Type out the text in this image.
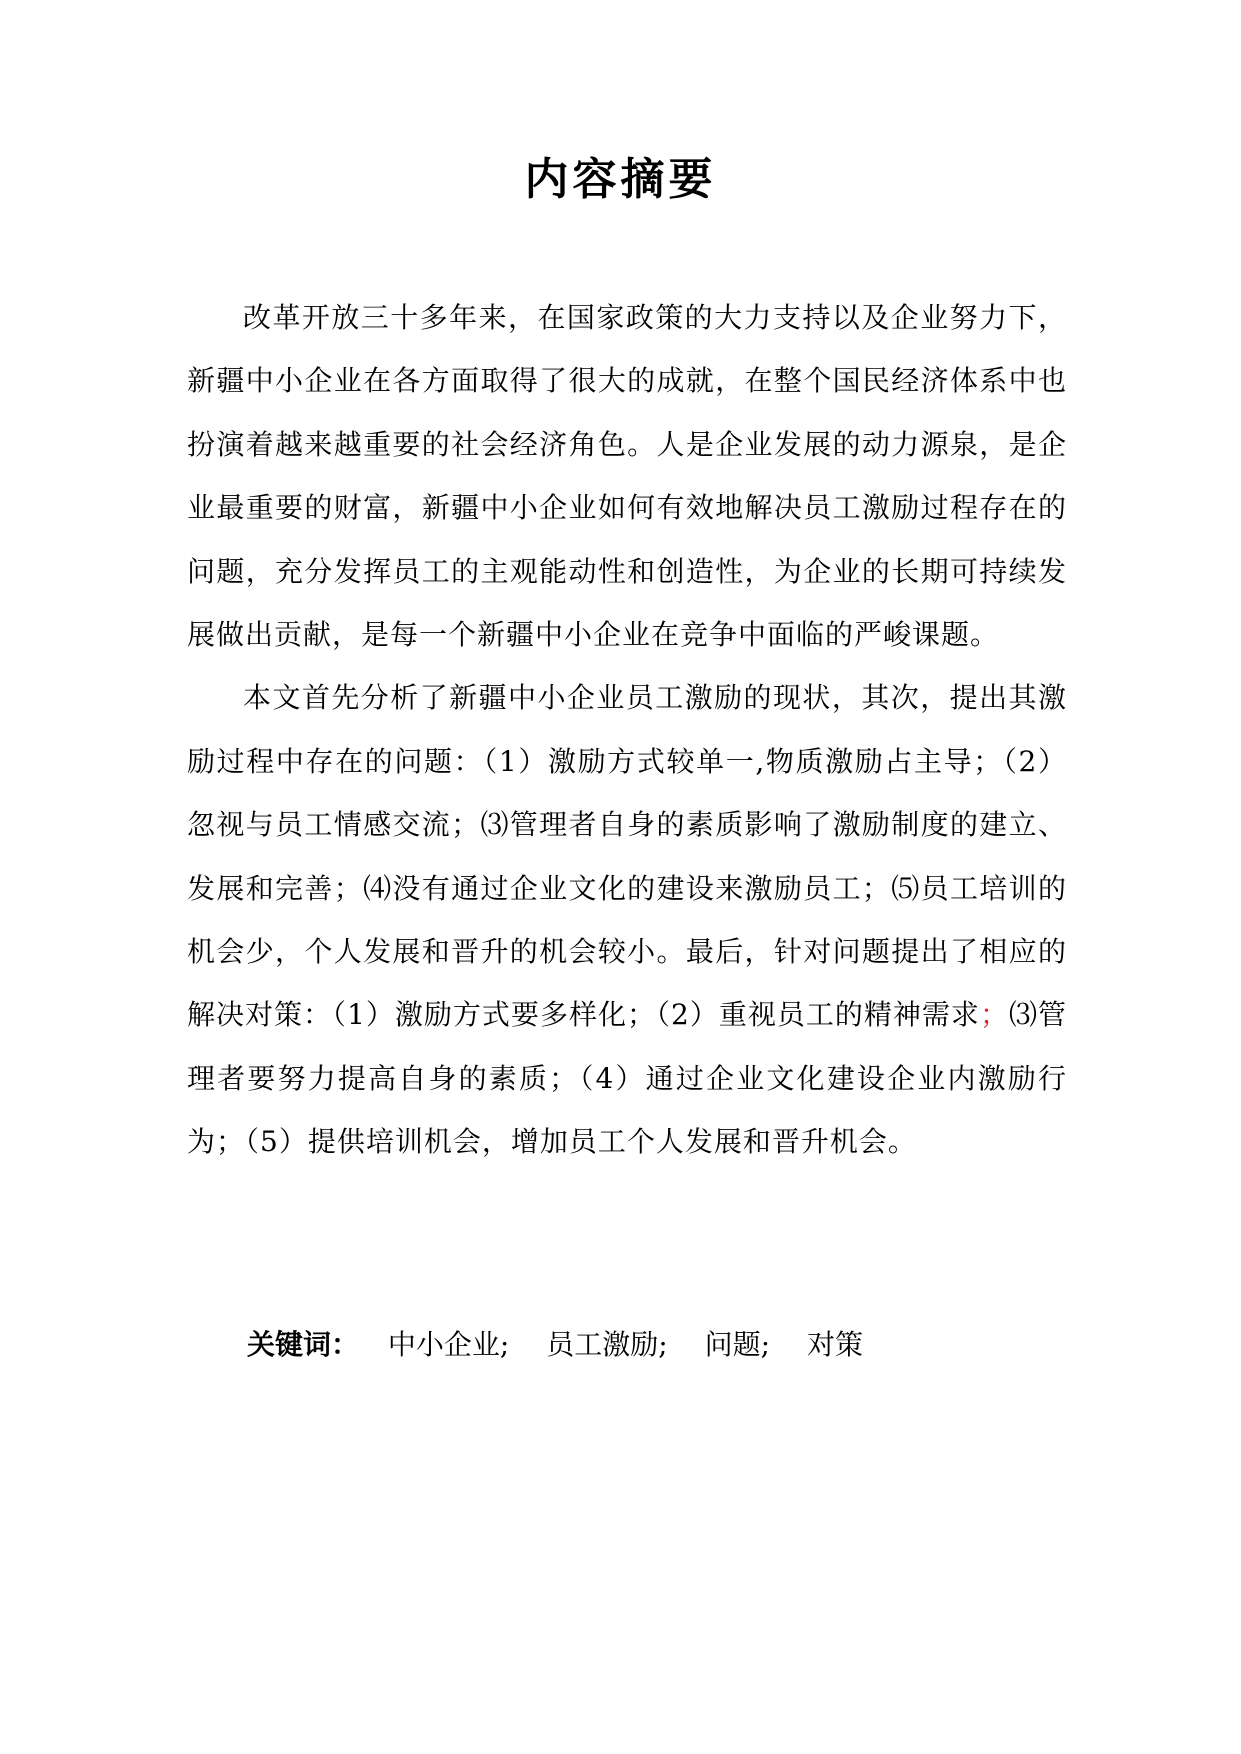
内容摘要

改革开放三十多年来，在国家政策的大力支持以及企业努力下，新疆中小企业在各方面取得了很大的成就，在整个国民经济体系中也扮演着越来越重要的社会经济角色。人是企业发展的动力源泉，是企业最重要的财富，新疆中小企业如何有效地解决员工激励过程存在的问题，充分发挥员工的主观能动性和创造性，为企业的长期可持续发展做出贡献，是每一个新疆中小企业在竞争中面临的严峻课题。

本文首先分析了新疆中小企业员工激励的现状，其次，提出其激励过程中存在的问题：（1）激励方式较单一,物质激励占主导；（2）忽视与员工情感交流；⑶管理者自身的素质影响了激励制度的建立、发展和完善；⑷没有通过企业文化的建设来激励员工；⑸员工培训的机会少，个人发展和晋升的机会较小。最后，针对问题提出了相应的解决对策：（1）激励方式要多样化；（2）重视员工的精神需求；⑶管理者要努力提高自身的素质；（4）通过企业文化建设企业内激励行为；（5）提供培训机会，增加员工个人发展和晋升机会。

关键词： 中小企业; 员工激励; 问题; 对策
